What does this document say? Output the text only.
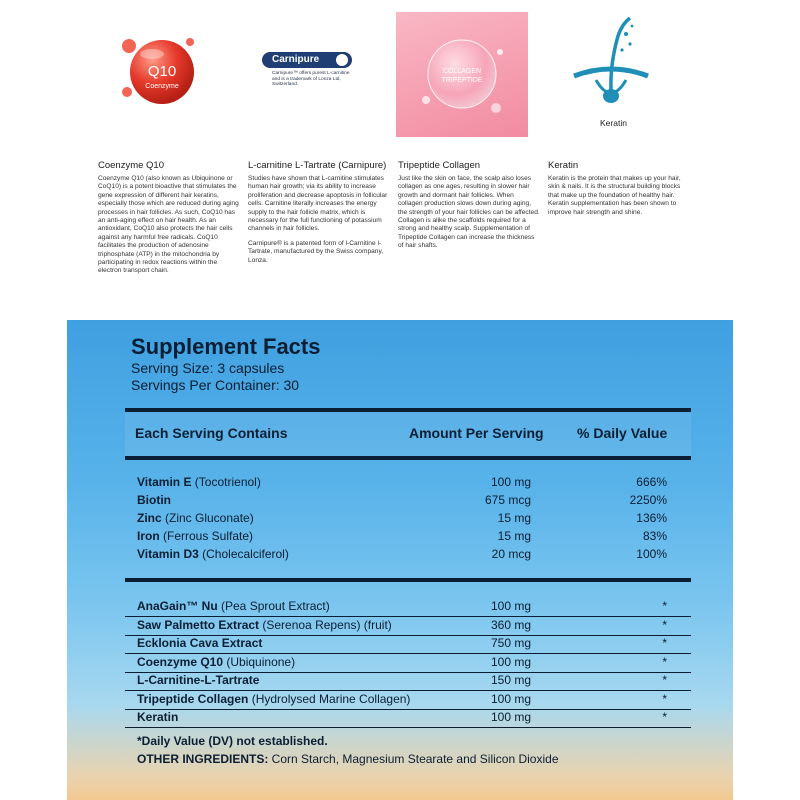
Q10
Coenzyme
Carnipure
Carnipure™ offers purest L-carnitine and is a trademark of Lonza Ltd, Switzerland.
COLLAGEN
TRIPEPTIDE
Keratin
Coenzyme Q10

Coenzyme Q10 (also known as Ubiquinone or CoQ10) is a potent bioactive that stimulates the gene expression of different hair keratins, especially those which are reduced during aging processes in hair follicles. As such, CoQ10 has an anti-aging effect on hair health. As an antioxidant, CoQ10 also protects the hair cells against any harmful free radicals. CoQ10 facilitates the production of adenosine triphosphate (ATP) in the mitochondria by participating in redox reactions within the electron transport chain.

L-carnitine L-Tartrate (Carnipure)

Studies have shown that L-carnitine stimulates human hair growth; via its ability to increase proliferation and decrease apoptosis in follicular cells. Carnitine literally increases the energy supply to the hair follicle matrix, which is necessary for the full functioning of potassium channels in hair follicles.

Carnipure® is a patented form of l-Carnitine l-Tartrate, manufactured by the Swiss company, Lonza.

Tripeptide Collagen

Just like the skin on face, the scalp also loses collagen as one ages, resulting in slower hair growth and dormant hair follicles. When collagen production slows down during aging, the strength of your hair follicles can be affected. Collagen is alike the scaffolds required for a strong and healthy scalp. Supplementation of Tripeptide Collagen can increase the thickness of hair shafts.

Keratin

Keratin is the protein that makes up your hair, skin & nails. It is the structural building blocks that make up the foundation of healthy hair. Keratin supplementation has been shown to improve hair strength and shine.

Supplement Facts
Serving Size: 3 capsules
Servings Per Container: 30
Each Serving Contains	Amount Per Serving % Daily Value
Vitamin E (Tocotrienol)	100 mg	666%
Biotin	675 mcg	2250%
Zinc (Zinc Gluconate)	15 mg	136%
Iron (Ferrous Sulfate)	15 mg	83%
Vitamin D3 (Cholecalciferol)	20 mcg	100%
AnaGain™ Nu (Pea Sprout Extract)	100 mg	*
Saw Palmetto Extract (Serenoa Repens) (fruit)	360 mg	*
Ecklonia Cava Extract	750 mg	*
Coenzyme Q10 (Ubiquinone)	100 mg	*
L-Carnitine-L-Tartrate	150 mg	*
Tripeptide Collagen (Hydrolysed Marine Collagen)	100 mg	*
Keratin	100 mg	*
*Daily Value (DV) not established.
OTHER INGREDIENTS: Corn Starch, Magnesium Stearate and Silicon Dioxide
